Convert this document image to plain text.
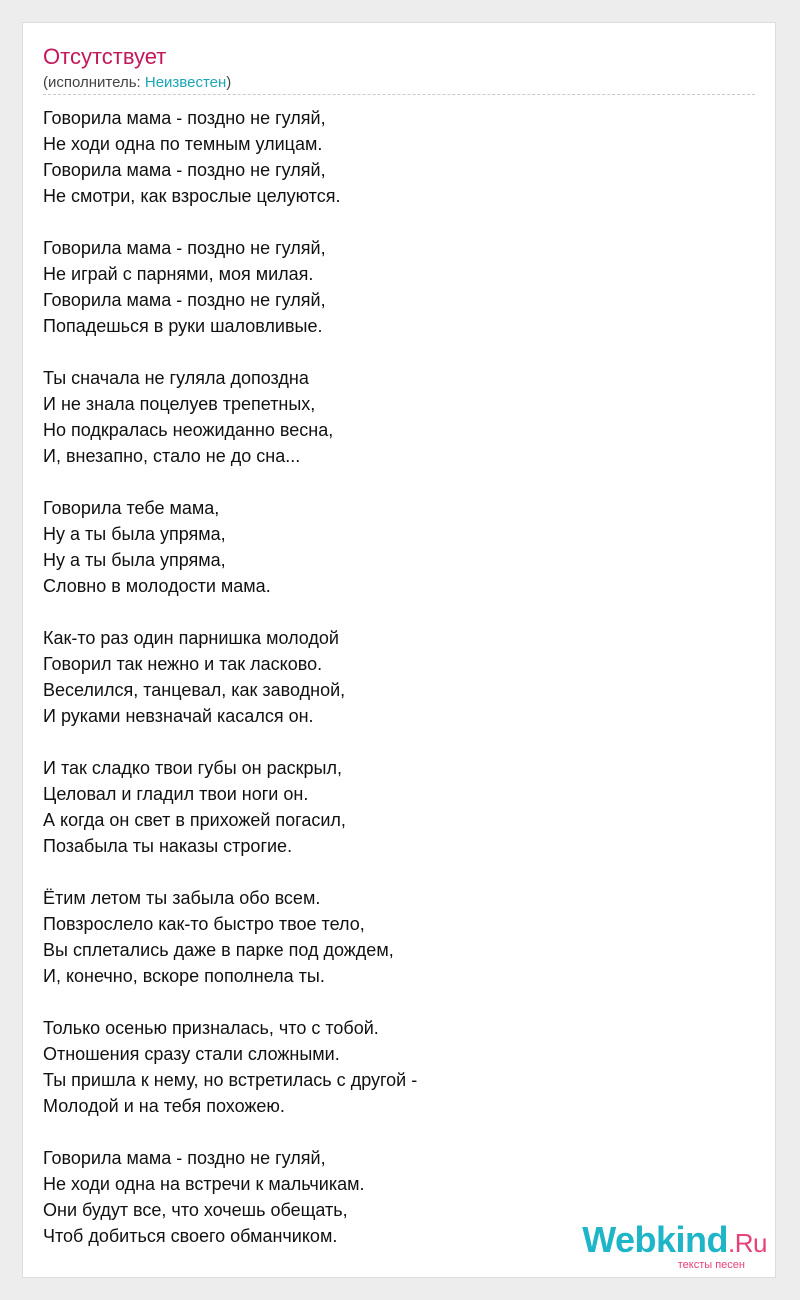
Отсутствует
(исполнитель: Неизвестен)
Говорила мама - поздно не гуляй,
Не ходи одна по темным улицам.
Говорила мама - поздно не гуляй,
Не смотри, как взрослые целуются.
Говорила мама - поздно не гуляй,
Не играй с парнями, моя милая.
Говорила мама - поздно не гуляй,
Попадешься в руки шаловливые.
Ты сначала не гуляла допоздна
И не знала поцелуев трепетных,
Но подкралась неожиданно весна,
И, внезапно, стало не до сна...
Говорила тебе мама,
Ну а ты была упряма,
Ну а ты была упряма,
Словно в молодости мама.
Как-то раз один парнишка молодой
Говорил так нежно и так ласково.
Веселился, танцевал, как заводной,
И руками невзначай касался он.
И так сладко твои губы он раскрыл,
Целовал и гладил твои ноги он.
А когда он свет в прихожей погасил,
Позабыла ты наказы строгие.
Ётим летом ты забыла обо всем.
Повзрослело как-то быстро твое тело,
Вы сплетались даже в парке под дождем,
И, конечно, вскоре пополнела ты.
Только осенью призналась, что с тобой.
Отношения сразу стали сложными.
Ты пришла к нему, но встретилась с другой -
Молодой и на тебя похожею.
Говорила мама - поздно не гуляй,
Не ходи одна на встречи к мальчикам.
Они будут все, что хочешь обещать,
Чтоб добиться своего обманчиком.	Webkind.Ru
тексты песен
